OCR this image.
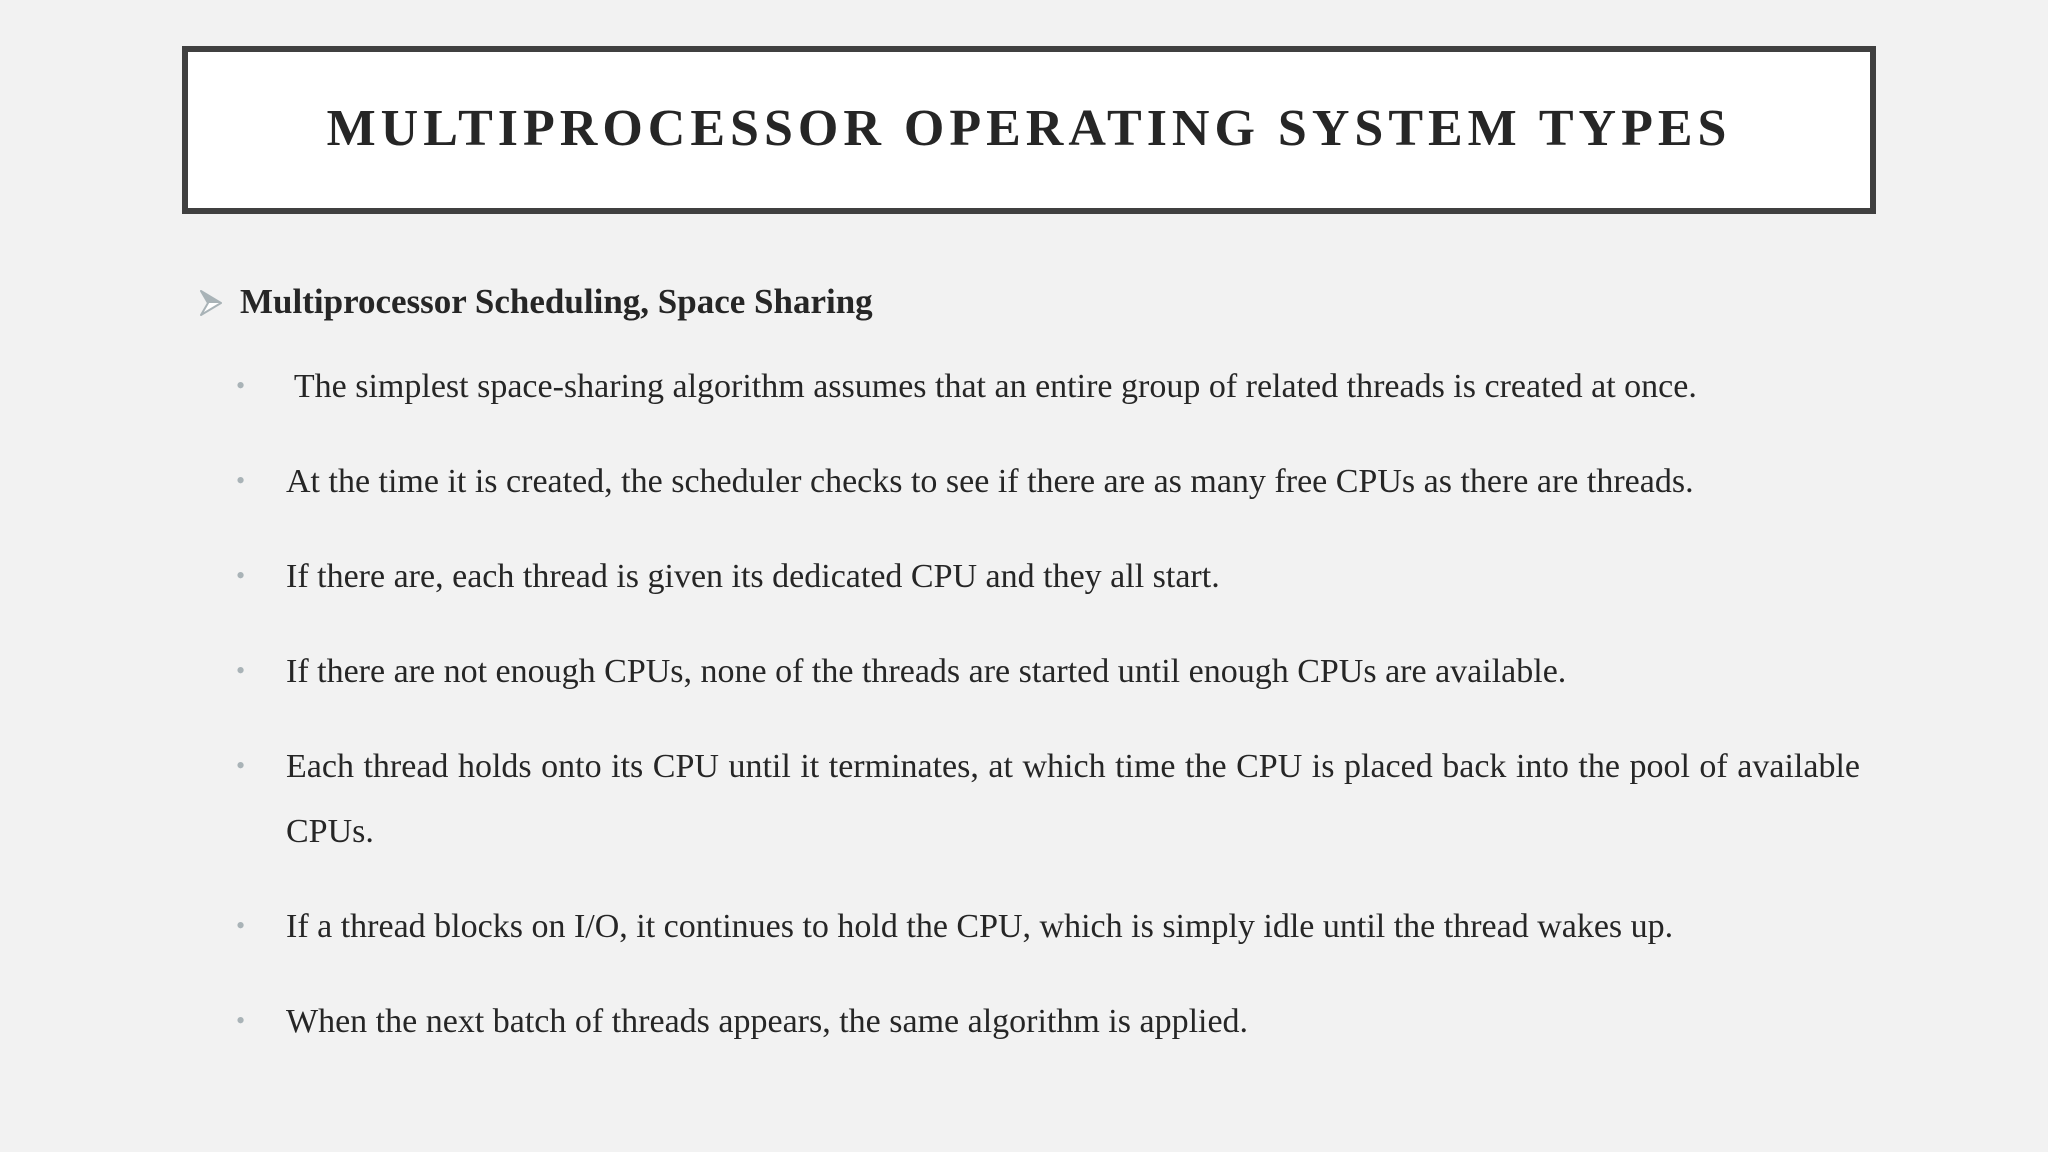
MULTIPROCESSOR OPERATING SYSTEM TYPES
Multiprocessor Scheduling, Space Sharing
•	The simplest space-sharing algorithm assumes that an entire group of related threads is created at once.
•	At the time it is created, the scheduler checks to see if there are as many free CPUs as there are threads.
•	If there are, each thread is given its dedicated CPU and they all start.
•	If there are not enough CPUs, none of the threads are started until enough CPUs are available.
•	Each thread holds onto its CPU until it terminates, at which time the CPU is placed back into the pool of available CPUs.
•	If a thread blocks on I/O, it continues to hold the CPU, which is simply idle until the thread wakes up.
•	When the next batch of threads appears, the same algorithm is applied.
